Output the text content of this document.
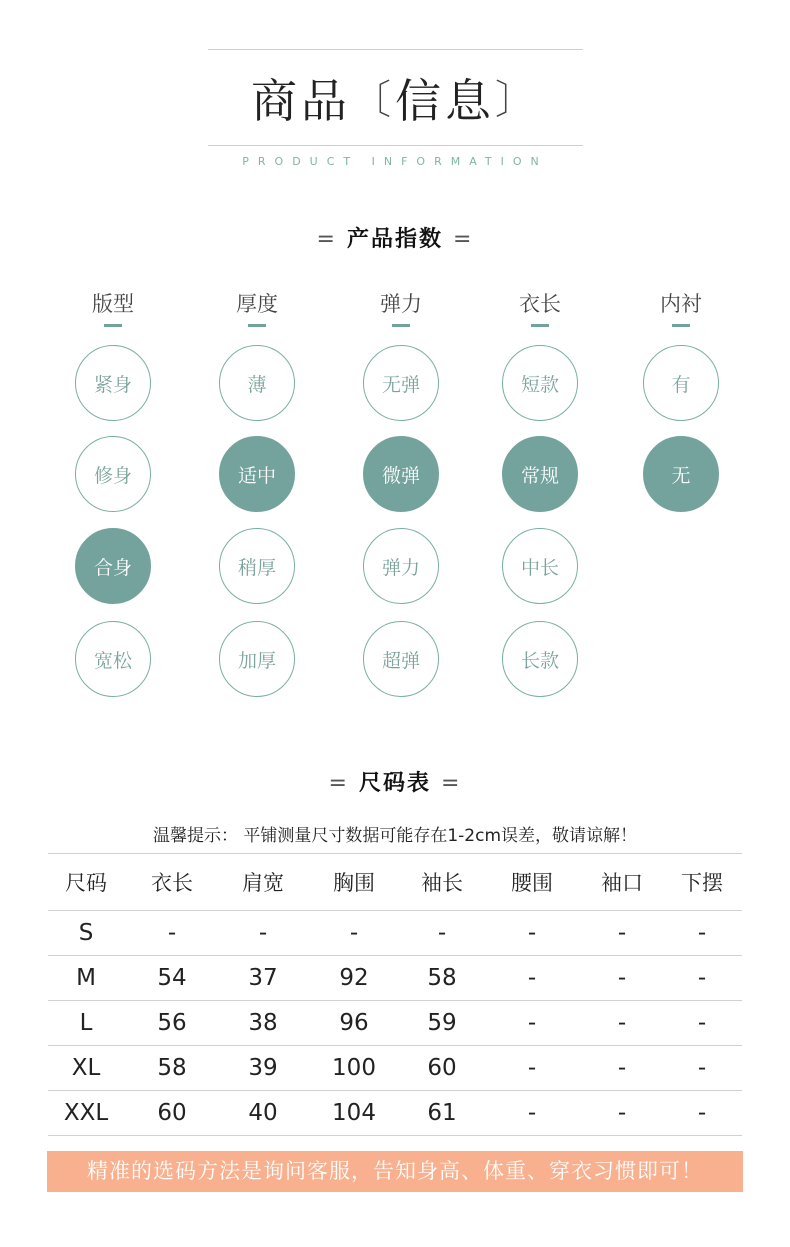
商品〔信息〕
PRODUCT INFORMATION
= 产品指数 =
版型
紧身
修身
合身
宽松
厚度
薄
适中
稍厚
加厚
弹力
无弹
微弹
弹力
超弹
衣长
短款
常规
中长
长款
内衬
有
无
= 尺码表 =
温馨提示： 平铺测量尺寸数据可能存在1-2cm误差，敬请谅解！
尺码	衣长	肩宽	胸围	袖长	腰围	袖口	下摆
S	-	-	-	-	-	-	-
M	54	37	92	58	-	-	-
L	56	38	96	59	-	-	-
XL	58	39	100	60	-	-	-
XXL	60	40	104	61	-	-	-
精准的选码方法是询问客服，告知身高、体重、穿衣习惯即可！
